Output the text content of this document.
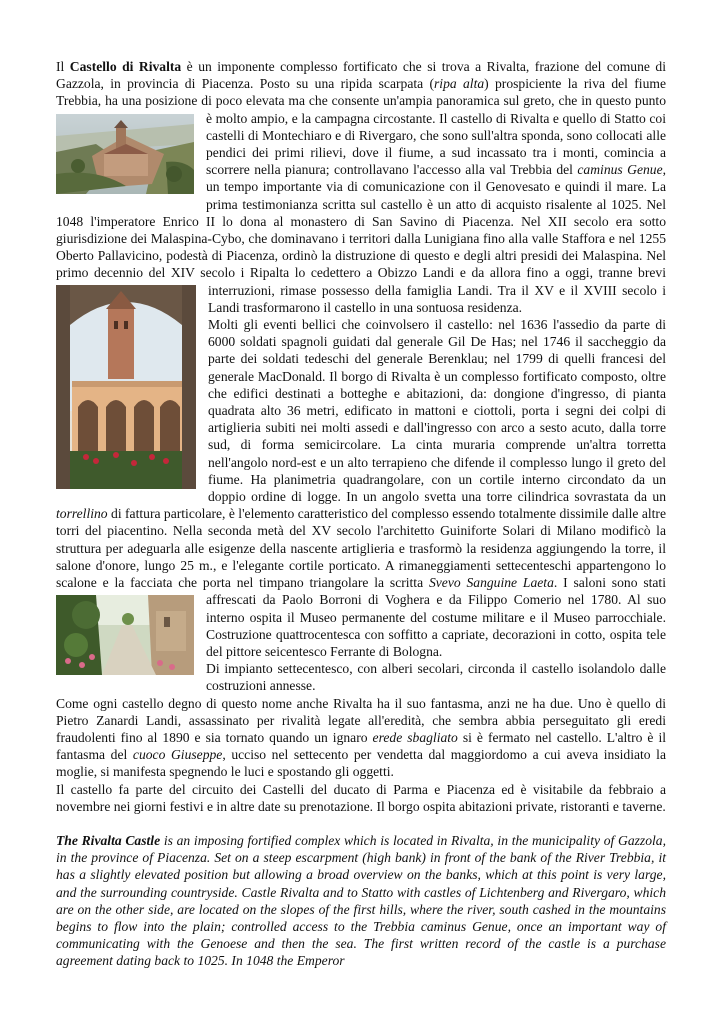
Il Castello di Rivalta è un imponente complesso fortificato che si trova a Rivalta, frazione del comune di Gazzola, in provincia di Piacenza. Posto su una ripida scarpata (ripa alta) prospiciente la riva del fiume Trebbia, ha una posizione di poco elevata ma che consente un'ampia panoramica sul greto, che in
questo punto è molto ampio, e la campagna circostante. Il castello di Rivalta e quello di Statto coi castelli di Montechiaro e di Rivergaro, che sono sull'altra sponda, sono collocati alle pendici dei primi rilievi, dove il fiume, a sud incassato tra i monti, comincia a scorrere nella pianura; controllavano l'accesso alla val Trebbia del caminus Genue, un tempo importante via di comunicazione con il Genovesato e quindi il mare. La prima testimonianza scritta sul castello è un atto di acquisto risalente al 1025. Nel 1048 l'imperatore Enrico II lo dona al monastero di San Savino di Piacenza. Nel XII secolo era sotto giurisdizione dei Malaspina-Cybo, che dominavano i territori dalla Lunigiana fino alla valle Staffora e nel 1255 Oberto Pallavicino, podestà di Piacenza, ordinò la distruzione di questo e degli altri presidi dei Malaspina. Nel primo decennio del XIV secolo i Ripalta lo cedettero a Obizzo Landi e da allora fino a oggi, tranne brevi interruzioni,
rimase possesso della famiglia Landi. Tra il XV e il XVIII secolo i Landi trasformarono il castello in una sontuosa residenza.

Molti gli eventi bellici che coinvolsero il castello: nel 1636 l'assedio da parte di 6000 soldati spagnoli guidati dal generale Gil De Has; nel 1746 il saccheggio da parte dei soldati tedeschi del generale Berenklau; nel 1799 di quelli francesi del generale MacDonald. Il borgo di Rivalta è un complesso fortificato composto, oltre che edifici destinati a botteghe e abitazioni, da: dongione d'ingresso, di pianta quadrata alto 36 metri, edificato in mattoni e ciottoli, porta i segni dei colpi di artiglieria subiti nei molti assedi e dall'ingresso con arco a sesto acuto, dalla torre sud, di forma semicircolare. La cinta muraria comprende un'altra torretta nell'angolo nord-est e un alto terrapieno che difende il complesso lungo il greto del fiume. Ha planimetria quadrangolare, con un cortile interno circondato da un doppio ordine di logge. In un angolo svetta una torre cilindrica sovrastata da un torrellino di fattura particolare, è l'elemento caratteristico del complesso essendo totalmente dissimile dalle altre torri del piacentino. Nella seconda metà del XV secolo l'architetto Guiniforte Solari di Milano modificò la struttura per adeguarla alle esigenze della nascente artiglieria e trasformò la residenza aggiungendo la torre, il salone d'onore, lungo 25 m., e l'elegante cortile porticato. A rimaneggiamenti settecenteschi appartengono lo scalone e la facciata che porta nel timpano triangolare la scritta Svevo Sanguine Laeta. I saloni sono stati affrescati
da Paolo Borroni di Voghera e da Filippo Comerio nel 1780. Al suo interno ospita il Museo permanente del costume militare e il Museo parrocchiale. Costruzione quattrocentesca con soffitto a capriate, decorazioni in cotto, ospita tele del pittore seicentesco Ferrante di Bologna.

Di impianto settecentesco, con alberi secolari, circonda il castello isolandolo dalle costruzioni annesse.

Come ogni castello degno di questo nome anche Rivalta ha il suo fantasma, anzi ne ha due. Uno è quello di Pietro Zanardi Landi, assassinato per rivalità legate all'eredità, che sembra abbia perseguitato gli eredi fraudolenti fino al 1890 e sia tornato quando un ignaro erede sbagliato si è fermato nel castello. L'altro è il fantasma del cuoco Giuseppe, ucciso nel settecento per vendetta dal maggiordomo a cui aveva insidiato la moglie, si manifesta spegnendo le luci e spostando gli oggetti.

Il castello fa parte del circuito dei Castelli del ducato di Parma e Piacenza ed è visitabile da febbraio a novembre nei giorni festivi e in altre date su prenotazione. Il borgo ospita abitazioni private, ristoranti e taverne.

The Rivalta Castle is an imposing fortified complex which is located in Rivalta, in the municipality of Gazzola, in the province of Piacenza. Set on a steep escarpment (high bank) in front of the bank of the River Trebbia, it has a slightly elevated position but allowing a broad overview on the banks, which at this point is very large, and the surrounding countryside. Castle Rivalta and to Statto with castles of Lichtenberg and Rivergaro, which are on the other side, are located on the slopes of the first hills, where the river, south cashed in the mountains begins to flow into the plain; controlled access to the Trebbia caminus Genue, once an important way of communicating with the Genoese and then the sea. The first written record of the castle is a purchase agreement dating back to 1025. In 1048 the Emperor
